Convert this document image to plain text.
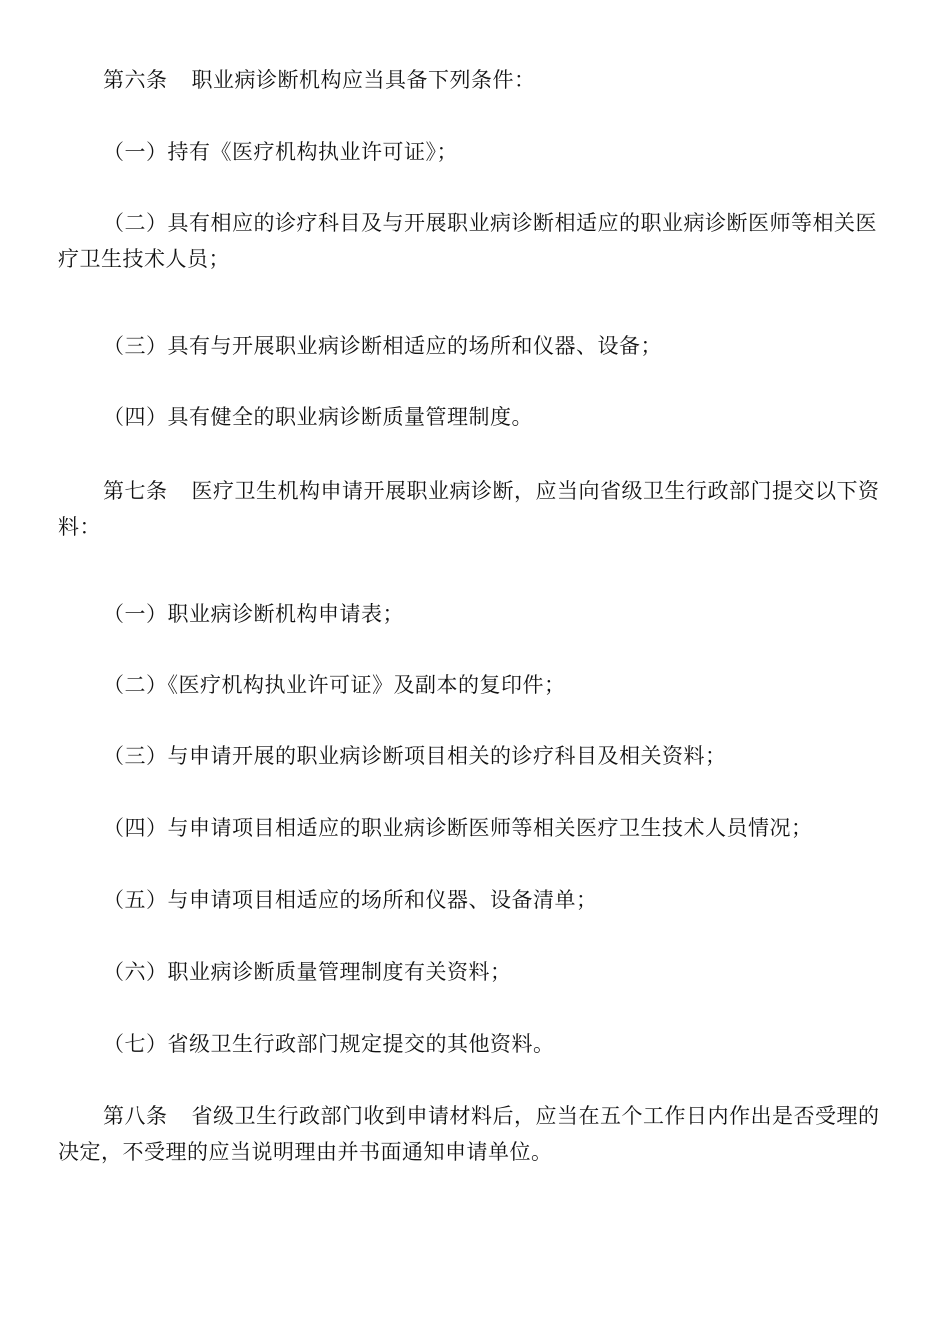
第六条 职业病诊断机构应当具备下列条件：

（一）持有《医疗机构执业许可证》；

（二）具有相应的诊疗科目及与开展职业病诊断相适应的职业病诊断医师等相关医疗卫生技术人员；

（三）具有与开展职业病诊断相适应的场所和仪器、设备；

（四）具有健全的职业病诊断质量管理制度。

第七条 医疗卫生机构申请开展职业病诊断，应当向省级卫生行政部门提交以下资料：

（一）职业病诊断机构申请表；

（二）《医疗机构执业许可证》及副本的复印件；

（三）与申请开展的职业病诊断项目相关的诊疗科目及相关资料；

（四）与申请项目相适应的职业病诊断医师等相关医疗卫生技术人员情况；

（五）与申请项目相适应的场所和仪器、设备清单；

（六）职业病诊断质量管理制度有关资料；

（七）省级卫生行政部门规定提交的其他资料。

第八条 省级卫生行政部门收到申请材料后，应当在五个工作日内作出是否受理的决定，不受理的应当说明理由并书面通知申请单位。
